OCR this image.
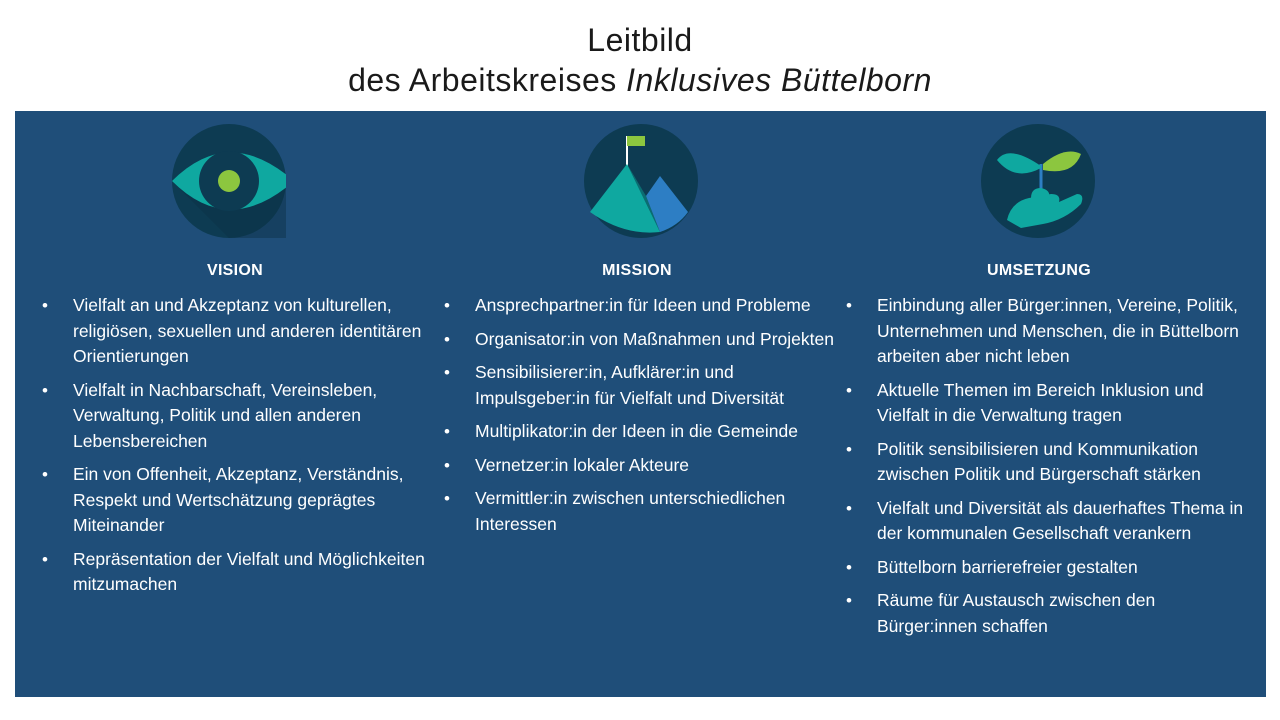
Leitbild
des Arbeitskreises Inklusives Büttelborn
VISION
• Vielfalt an und Akzeptanz von kulturellen, religiösen, sexuellen und anderen identitären Orientierungen
• Vielfalt in Nachbarschaft, Vereinsleben, Verwaltung, Politik und allen anderen Lebensbereichen
• Ein von Offenheit, Akzeptanz, Verständnis, Respekt und Wertschätzung geprägtes Miteinander
• Repräsentation der Vielfalt und Möglichkeiten mitzumachen
MISSION
• Ansprechpartner:in für Ideen und Probleme
• Organisator:in von Maßnahmen und Projekten
• Sensibilisierer:in, Aufklärer:in und Impulsgeber:in für Vielfalt und Diversität
• Multiplikator:in der Ideen in die Gemeinde
• Vernetzer:in lokaler Akteure
• Vermittler:in zwischen unterschiedlichen Interessen
UMSETZUNG
• Einbindung aller Bürger:innen, Vereine, Politik, Unternehmen und Menschen, die in Büttelborn arbeiten aber nicht leben
• Aktuelle Themen im Bereich Inklusion und Vielfalt in die Verwaltung tragen
• Politik sensibilisieren und Kommunikation zwischen Politik und Bürgerschaft stärken
• Vielfalt und Diversität als dauerhaftes Thema in der kommunalen Gesellschaft verankern
• Büttelborn barrierefreier gestalten
• Räume für Austausch zwischen den Bürger:innen schaffen
